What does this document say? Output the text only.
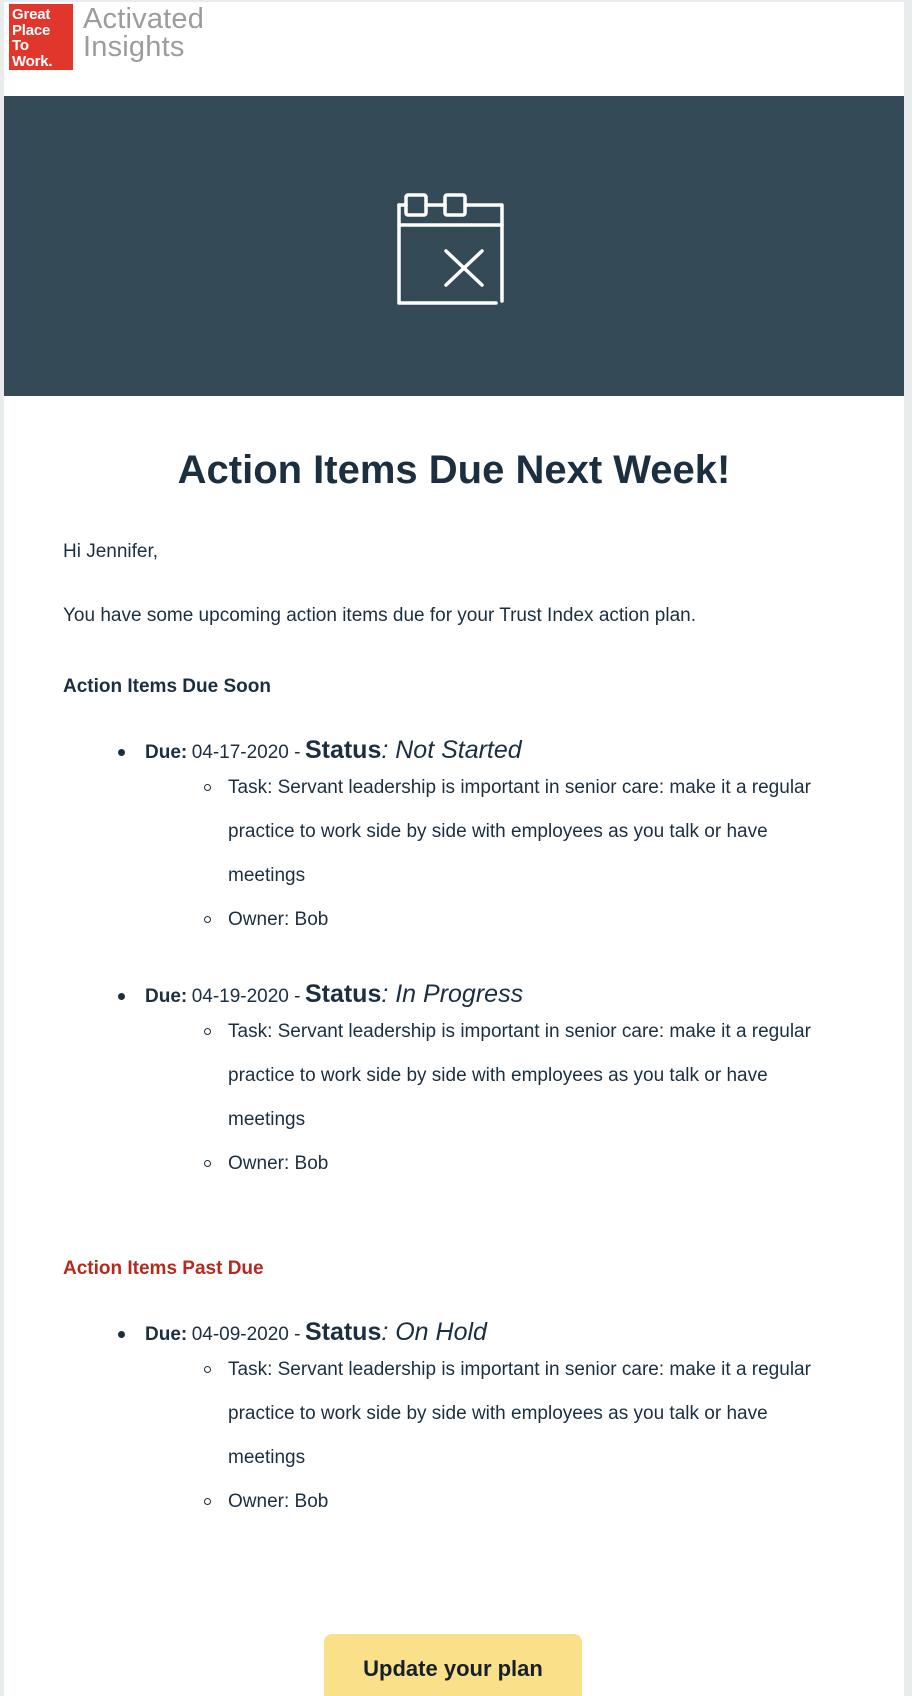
Great
Place
To
Work.
Activated
Insights
Action Items Due Next Week!

Hi Jennifer,

You have some upcoming action items due for your Trust Index action plan.

Action Items Due Soon

Due: 04-17-2020 - Status: Not Started
Task: Servant leadership is important in senior care: make it a regular practice to work side by side with employees as you talk or have meetings
Owner: Bob
Due: 04-19-2020 - Status: In Progress
Task: Servant leadership is important in senior care: make it a regular practice to work side by side with employees as you talk or have meetings
Owner: Bob

Action Items Past Due

Due: 04-09-2020 - Status: On Hold
Task: Servant leadership is important in senior care: make it a regular practice to work side by side with employees as you talk or have meetings
Owner: Bob
Update your plan
